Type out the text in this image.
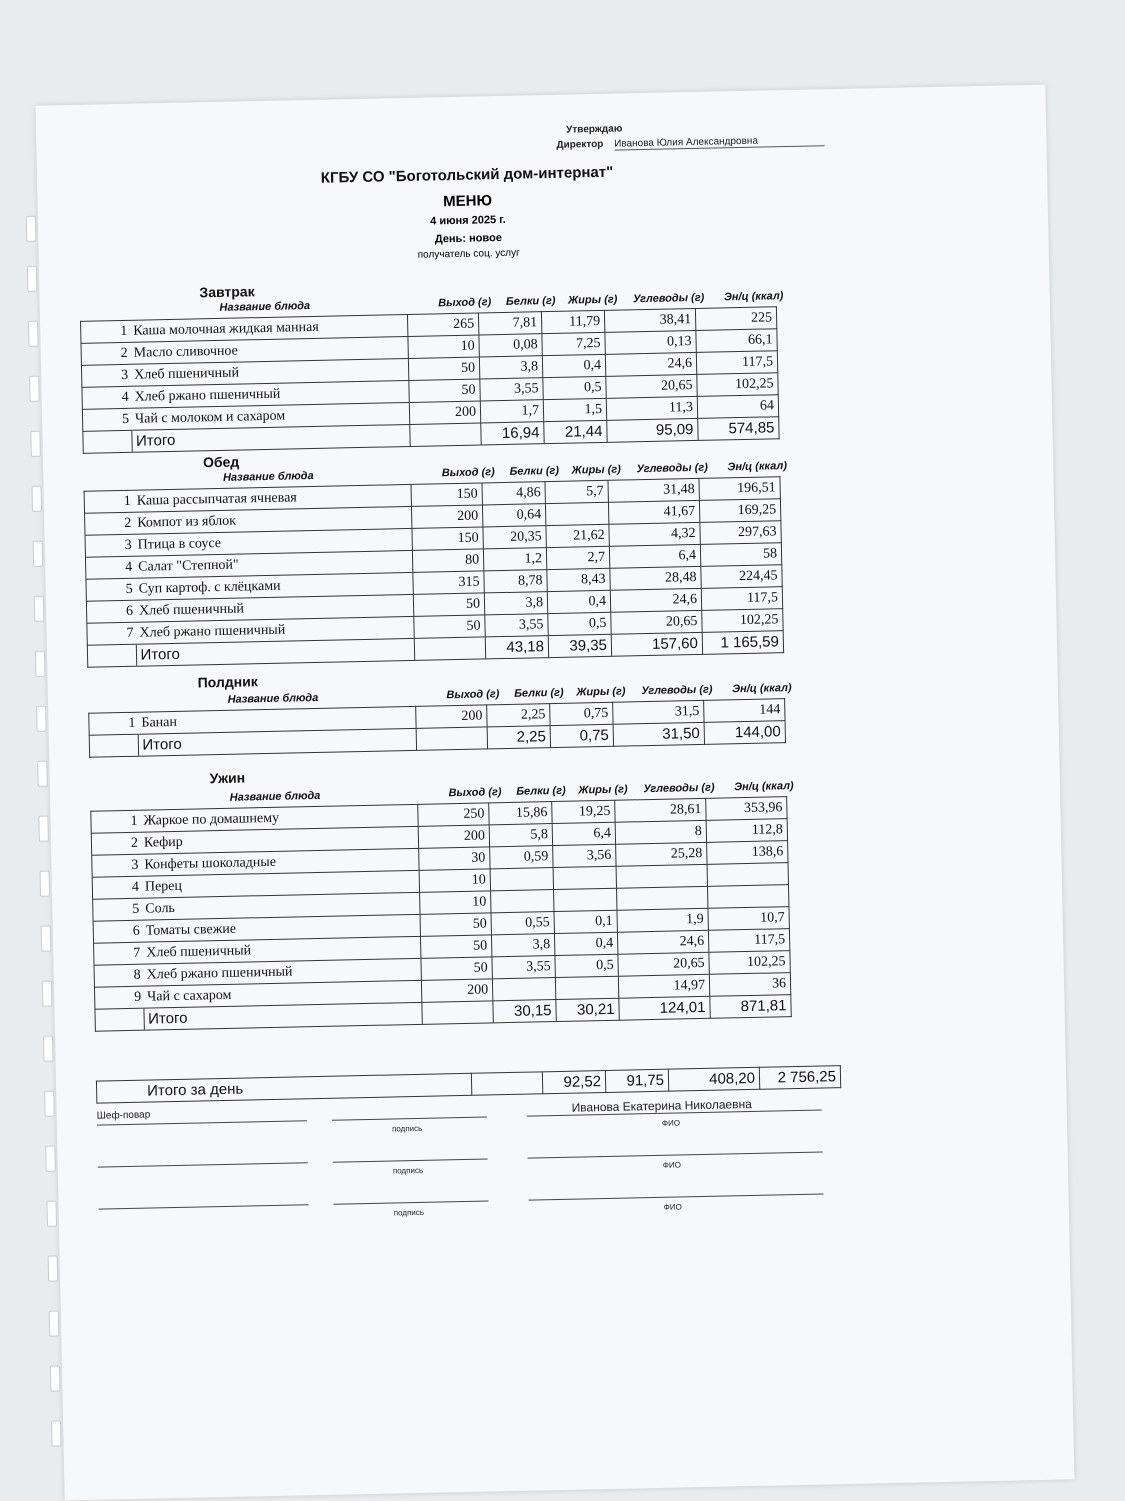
Утверждаю
Директор Иванова Юлия Александровна
КГБУ СО "Боготольский дом-интернат"
МЕНЮ
4 июня 2025 г.
День: новое
получатель соц. услуг
Завтрак
Название блюда	Выход (г)	Белки (г)	Жиры (г)	Углеводы (г)	Эн/ц (ккал)
1	Каша молочная жидкая манная	265	7,81	11,79	38,41	225
2	Масло сливочное	10	0,08	7,25	0,13	66,1
3	Хлеб пшеничный	50	3,8	0,4	24,6	117,5
4	Хлеб ржано пшеничный	50	3,55	0,5	20,65	102,25
5	Чай с молоком и сахаром	200	1,7	1,5	11,3	64
	Итого		16,94	21,44	95,09	574,85
Обед
Название блюда	Выход (г)	Белки (г)	Жиры (г)	Углеводы (г)	Эн/ц (ккал)
1	Каша рассыпчатая ячневая	150	4,86	5,7	31,48	196,51
2	Компот из яблок	200	0,64		41,67	169,25
3	Птица в соусе	150	20,35	21,62	4,32	297,63
4	Салат "Степной"	80	1,2	2,7	6,4	58
5	Суп картоф. с клёцками	315	8,78	8,43	28,48	224,45
6	Хлеб пшеничный	50	3,8	0,4	24,6	117,5
7	Хлеб ржано пшеничный	50	3,55	0,5	20,65	102,25
	Итого		43,18	39,35	157,60	1 165,59
Полдник
Название блюда	Выход (г)	Белки (г)	Жиры (г)	Углеводы (г)	Эн/ц (ккал)
1	Банан	200	2,25	0,75	31,5	144
	Итого		2,25	0,75	31,50	144,00
Ужин
Название блюда	Выход (г)	Белки (г)	Жиры (г)	Углеводы (г)	Эн/ц (ккал)
1	Жаркое по домашнему	250	15,86	19,25	28,61	353,96
2	Кефир	200	5,8	6,4	8	112,8
3	Конфеты шоколадные	30	0,59	3,56	25,28	138,6
4	Перец	10				
5	Соль	10				
6	Томаты свежие	50	0,55	0,1	1,9	10,7
7	Хлеб пшеничный	50	3,8	0,4	24,6	117,5
8	Хлеб ржано пшеничный	50	3,55	0,5	20,65	102,25
9	Чай с сахаром	200			14,97	36
	Итого		30,15	30,21	124,01	871,81
Итого за день		92,52	91,75	408,20	2 756,25
Шеф-повар
Иванова Екатерина Николаевна
подпись
ФИО
подпись
ФИО
подпись
ФИО
